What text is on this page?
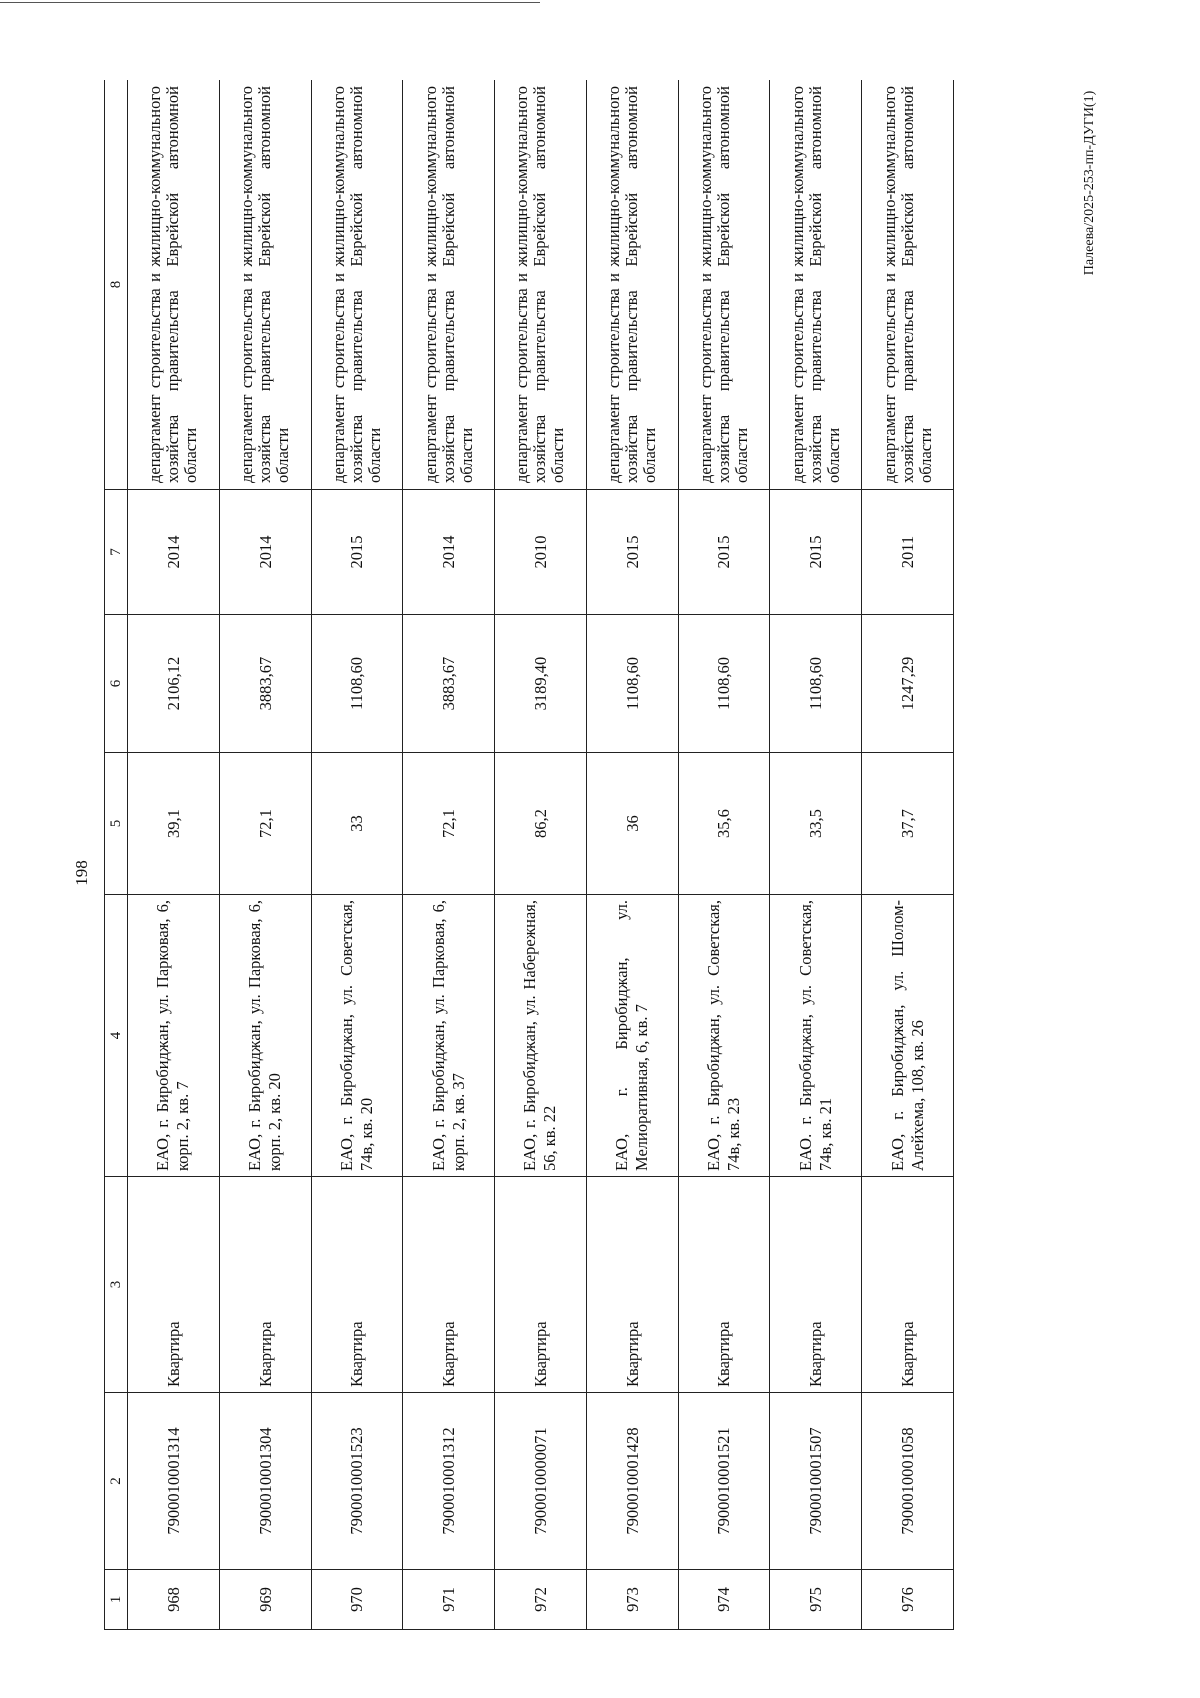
198
Палеева/2025-253-пп-ДУГИ(1)
1	2	3	4	5	6	7	8
968	7900010001314	Квартира	ЕАО, г. Биробиджан, ул. Парковая, 6, корп. 2, кв. 7	39,1	2106,12	2014	департамент строительства и жилищно-коммунального хозяйства правительства Еврейской автономной области
969	7900010001304	Квартира	ЕАО, г. Биробиджан, ул. Парковая, 6, корп. 2, кв. 20	72,1	3883,67	2014	департамент строительства и жилищно-коммунального хозяйства правительства Еврейской автономной области
970	7900010001523	Квартира	ЕАО, г. Биробиджан, ул. Советская, 74в, кв. 20	33	1108,60	2015	департамент строительства и жилищно-коммунального хозяйства правительства Еврейской автономной области
971	7900010001312	Квартира	ЕАО, г. Биробиджан, ул. Парковая, 6, корп. 2, кв. 37	72,1	3883,67	2014	департамент строительства и жилищно-коммунального хозяйства правительства Еврейской автономной области
972	7900010000071	Квартира	ЕАО, г. Биробиджан, ул. Набережная, 56, кв. 22	86,2	3189,40	2010	департамент строительства и жилищно-коммунального хозяйства правительства Еврейской автономной области
973	7900010001428	Квартира	ЕАО, г. Биробиджан, ул. Мелиоративная, 6, кв. 7	36	1108,60	2015	департамент строительства и жилищно-коммунального хозяйства правительства Еврейской автономной области
974	7900010001521	Квартира	ЕАО, г. Биробиджан, ул. Советская, 74в, кв. 23	35,6	1108,60	2015	департамент строительства и жилищно-коммунального хозяйства правительства Еврейской автономной области
975	7900010001507	Квартира	ЕАО. г. Биробиджан, ул. Советская, 74в, кв. 21	33,5	1108,60	2015	департамент строительства и жилищно-коммунального хозяйства правительства Еврейской автономной области
976	7900010001058	Квартира	ЕАО, г. Биробиджан, ул. Шолом-Алейхема, 108, кв. 26	37,7	1247,29	2011	департамент строительства и жилищно-коммунального хозяйства правительства Еврейской автономной области
